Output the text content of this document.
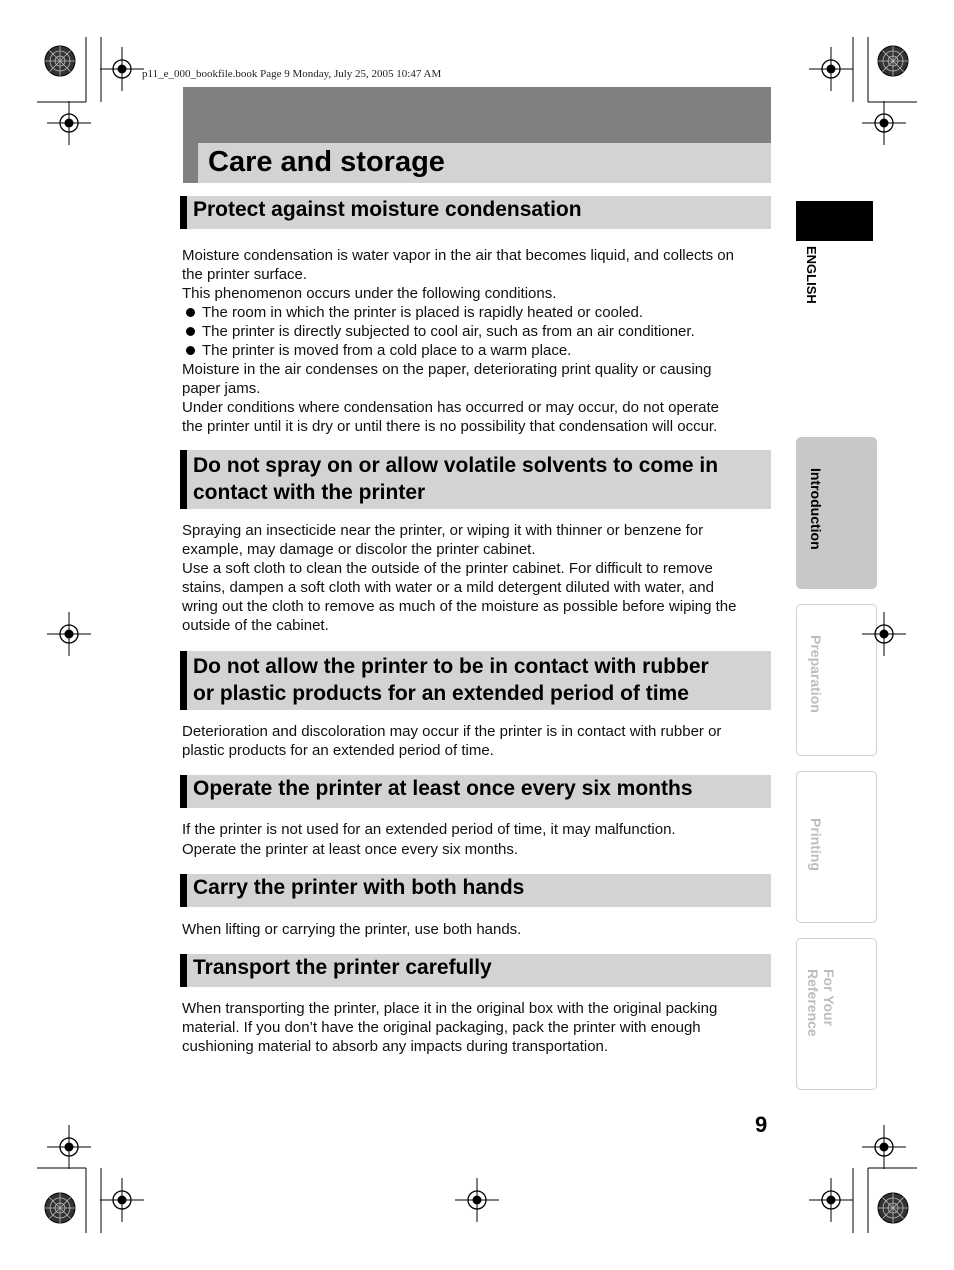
p11_e_000_bookfile.book Page 9 Monday, July 25, 2005 10:47 AM
Care and storage
Protect against moisture condensation

Moisture condensation is water vapor in the air that becomes liquid, and collects on

the printer surface.

This phenomenon occurs under the following conditions.

The room in which the printer is placed is rapidly heated or cooled.
The printer is directly subjected to cool air, such as from an air conditioner.
The printer is moved from a cold place to a warm place.

Moisture in the air condenses on the paper, deteriorating print quality or causing

paper jams.

Under conditions where condensation has occurred or may occur, do not operate

the printer until it is dry or until there is no possibility that condensation will occur.

Do not spray on or allow volatile solvents to come in
contact with the printer

Spraying an insecticide near the printer, or wiping it with thinner or benzene for

example, may damage or discolor the printer cabinet.

Use a soft cloth to clean the outside of the printer cabinet. For difficult to remove

stains, dampen a soft cloth with water or a mild detergent diluted with water, and

wring out the cloth to remove as much of the moisture as possible before wiping the

outside of the cabinet.

Do not allow the printer to be in contact with rubber
or plastic products for an extended period of time

Deterioration and discoloration may occur if the printer is in contact with rubber or

plastic products for an extended period of time.

Operate the printer at least once every six months

If the printer is not used for an extended period of time, it may malfunction.

Operate the printer at least once every six months.

Carry the printer with both hands

When lifting or carrying the printer, use both hands.

Transport the printer carefully

When transporting the printer, place it in the original box with the original packing

material. If you don’t have the original packaging, pack the printer with enough

cushioning material to absorb any impacts during transportation.

ENGLISH
Introduction
Preparation
Printing
For Your
Reference
9
